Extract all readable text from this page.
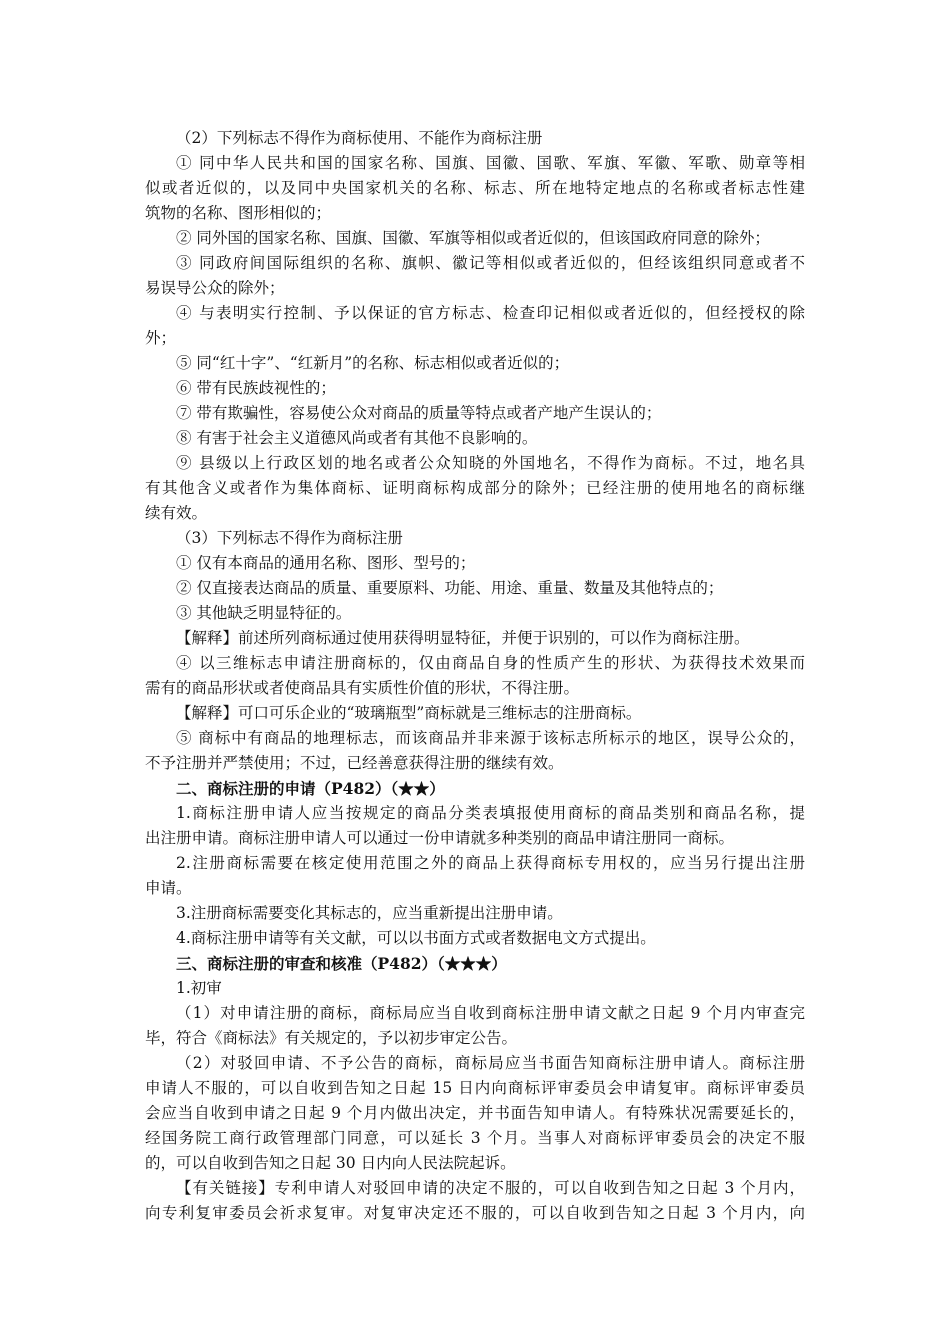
（2）下列标志不得作为商标使用、不能作为商标注册
① 同中华人民共和国的国家名称、国旗、国徽、国歌、军旗、军徽、军歌、勋章等相
似或者近似的，以及同中央国家机关的名称、标志、所在地特定地点的名称或者标志性建
筑物的名称、图形相似的；
② 同外国的国家名称、国旗、国徽、军旗等相似或者近似的，但该国政府同意的除外；
③ 同政府间国际组织的名称、旗帜、徽记等相似或者近似的，但经该组织同意或者不
易误导公众的除外；
④ 与表明实行控制、予以保证的官方标志、检查印记相似或者近似的，但经授权的除
外；
⑤ 同“红十字”、“红新月”的名称、标志相似或者近似的；
⑥ 带有民族歧视性的；
⑦ 带有欺骗性，容易使公众对商品的质量等特点或者产地产生误认的；
⑧ 有害于社会主义道德风尚或者有其他不良影响的。
⑨ 县级以上行政区划的地名或者公众知晓的外国地名，不得作为商标。不过，地名具
有其他含义或者作为集体商标、证明商标构成部分的除外；已经注册的使用地名的商标继
续有效。
（3）下列标志不得作为商标注册
① 仅有本商品的通用名称、图形、型号的；
② 仅直接表达商品的质量、重要原料、功能、用途、重量、数量及其他特点的；
③ 其他缺乏明显特征的。
【解释】前述所列商标通过使用获得明显特征，并便于识别的，可以作为商标注册。
④ 以三维标志申请注册商标的，仅由商品自身的性质产生的形状、为获得技术效果而
需有的商品形状或者使商品具有实质性价值的形状，不得注册。
【解释】可口可乐企业的“玻璃瓶型”商标就是三维标志的注册商标。
⑤ 商标中有商品的地理标志，而该商品并非来源于该标志所标示的地区，误导公众的，
不予注册并严禁使用；不过，已经善意获得注册的继续有效。
二、商标注册的申请（P482）（★★）
1.商标注册申请人应当按规定的商品分类表填报使用商标的商品类别和商品名称，提
出注册申请。商标注册申请人可以通过一份申请就多种类别的商品申请注册同一商标。
2.注册商标需要在核定使用范围之外的商品上获得商标专用权的，应当另行提出注册
申请。
3.注册商标需要变化其标志的，应当重新提出注册申请。
4.商标注册申请等有关文献，可以以书面方式或者数据电文方式提出。
三、商标注册的审查和核准（P482）（★★★）
1.初审
（1）对申请注册的商标，商标局应当自收到商标注册申请文献之日起 9 个月内审查完
毕，符合《商标法》有关规定的，予以初步审定公告。
（2）对驳回申请、不予公告的商标，商标局应当书面告知商标注册申请人。商标注册
申请人不服的，可以自收到告知之日起 15 日内向商标评审委员会申请复审。商标评审委员
会应当自收到申请之日起 9 个月内做出决定，并书面告知申请人。有特殊状况需要延长的，
经国务院工商行政管理部门同意，可以延长 3 个月。当事人对商标评审委员会的决定不服
的，可以自收到告知之日起 30 日内向人民法院起诉。
【有关链接】专利申请人对驳回申请的决定不服的，可以自收到告知之日起 3 个月内，
向专利复审委员会祈求复审。对复审决定还不服的，可以自收到告知之日起 3 个月内，向
